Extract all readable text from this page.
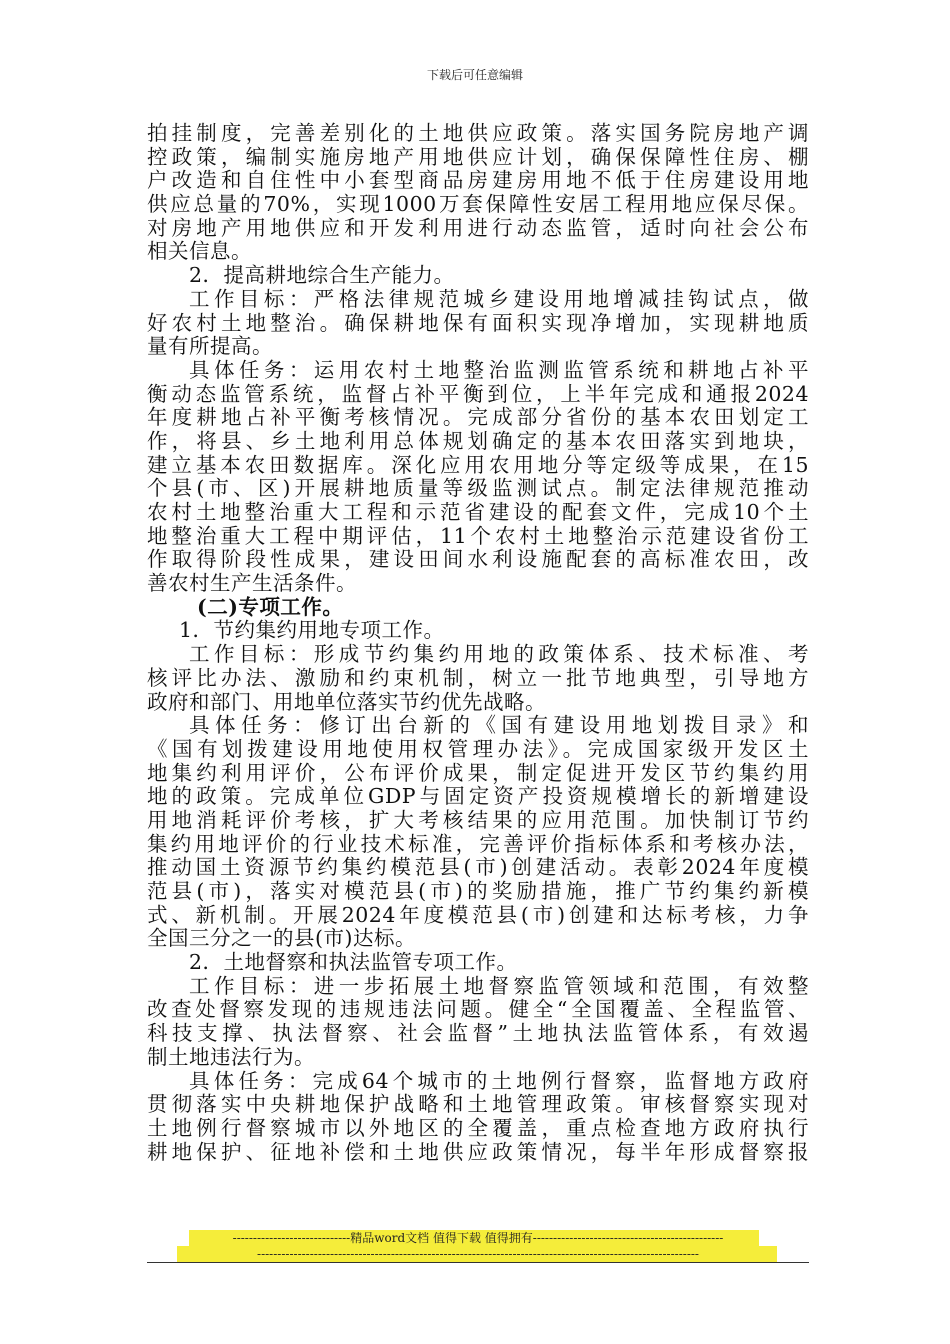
下载后可任意编辑
拍挂制度，完善差别化的土地供应政策。落实国务院房地产调
控政策，编制实施房地产用地供应计划，确保保障性住房、棚
户改造和自住性中小套型商品房建房用地不低于住房建设用地
供应总量的70%，实现1000万套保障性安居工程用地应保尽保。
对房地产用地供应和开发利用进行动态监管，适时向社会公布
相关信息。
2．提高耕地综合生产能力。
工作目标：严格法律规范城乡建设用地增减挂钩试点，做
好农村土地整治。确保耕地保有面积实现净增加，实现耕地质
量有所提高。
具体任务：运用农村土地整治监测监管系统和耕地占补平
衡动态监管系统，监督占补平衡到位，上半年完成和通报2024
年度耕地占补平衡考核情况。完成部分省份的基本农田划定工
作，将县、乡土地利用总体规划确定的基本农田落实到地块，
建立基本农田数据库。深化应用农用地分等定级等成果，在15
个县(市、区)开展耕地质量等级监测试点。制定法律规范推动
农村土地整治重大工程和示范省建设的配套文件，完成10个土
地整治重大工程中期评估，11个农村土地整治示范建设省份工
作取得阶段性成果，建设田间水利设施配套的高标准农田，改
善农村生产生活条件。
(二)专项工作。
1．节约集约用地专项工作。
工作目标：形成节约集约用地的政策体系、技术标准、考
核评比办法、激励和约束机制，树立一批节地典型，引导地方
政府和部门、用地单位落实节约优先战略。
具体任务：修订出台新的《国有建设用地划拨目录》和
《国有划拨建设用地使用权管理办法》。完成国家级开发区土
地集约利用评价，公布评价成果，制定促进开发区节约集约用
地的政策。完成单位GDP与固定资产投资规模增长的新增建设
用地消耗评价考核，扩大考核结果的应用范围。加快制订节约
集约用地评价的行业技术标准，完善评价指标体系和考核办法，
推动国土资源节约集约模范县(市)创建活动。表彰2024年度模
范县(市)，落实对模范县(市)的奖励措施，推广节约集约新模
式、新机制。开展2024年度模范县(市)创建和达标考核，力争
全国三分之一的县(市)达标。
2．土地督察和执法监管专项工作。
工作目标：进一步拓展土地督察监管领域和范围，有效整
改查处督察发现的违规违法问题。健全“全国覆盖、全程监管、
科技支撑、执法督察、社会监督”土地执法监管体系，有效遏
制土地违法行为。
具体任务：完成64个城市的土地例行督察，监督地方政府
贯彻落实中央耕地保护战略和土地管理政策。审核督察实现对
土地例行督察城市以外地区的全覆盖，重点检查地方政府执行
耕地保护、征地补偿和土地供应政策情况，每半年形成督察报
-----------------------------精品word文档 值得下载 值得拥有-----------------------------------------------
-------------------------------------------------------------------------------------------------------------
